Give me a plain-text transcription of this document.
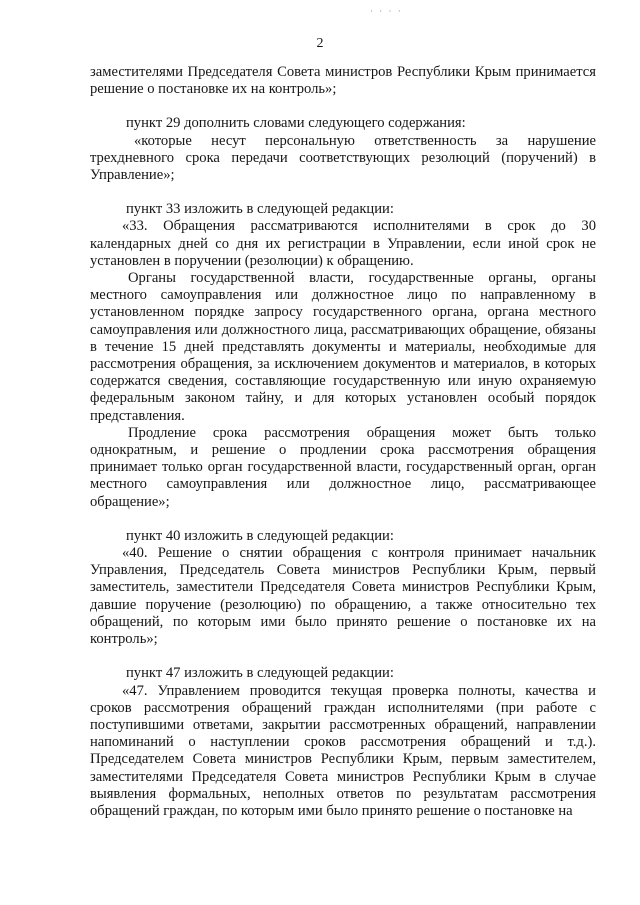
· · · ·
2

заместителями Председателя Совета министров Республики Крым принимается решение о постановке их на контроль»;

пункт 29 дополнить словами следующего содержания:

«которые несут персональную ответственность за нарушение трехдневного срока передачи соответствующих резолюций (поручений) в Управление»;

пункт 33 изложить в следующей редакции:

«33. Обращения рассматриваются исполнителями в срок до 30 календарных дней со дня их регистрации в Управлении, если иной срок не установлен в поручении (резолюции) к обращению.

Органы государственной власти, государственные органы, органы местного самоуправления или должностное лицо по направленному в установленном порядке запросу государственного органа, органа местного самоуправления или должностного лица, рассматривающих обращение, обязаны в течение 15 дней представлять документы и материалы, необходимые для рассмотрения обращения, за исключением документов и материалов, в которых содержатся сведения, составляющие государственную или иную охраняемую федеральным законом тайну, и для которых установлен особый порядок представления.

Продление срока рассмотрения обращения может быть только однократным, и решение о продлении срока рассмотрения обращения принимает только орган государственной власти, государственный орган, орган местного самоуправления или должностное лицо, рассматривающее обращение»;

пункт 40 изложить в следующей редакции:

«40. Решение о снятии обращения с контроля принимает начальник Управления, Председатель Совета министров Республики Крым, первый заместитель, заместители Председателя Совета министров Республики Крым, давшие поручение (резолюцию) по обращению, а также относительно тех обращений, по которым ими было принято решение о постановке их на контроль»;

пункт 47 изложить в следующей редакции:

«47. Управлением проводится текущая проверка полноты, качества и сроков рассмотрения обращений граждан исполнителями (при работе с поступившими ответами, закрытии рассмотренных обращений, направлении напоминаний о наступлении сроков рассмотрения обращений и т.д.). Председателем Совета министров Республики Крым, первым заместителем, заместителями Председателя Совета министров Республики Крым в случае выявления формальных, неполных ответов по результатам рассмотрения обращений граждан, по которым ими было принято решение о постановке на
